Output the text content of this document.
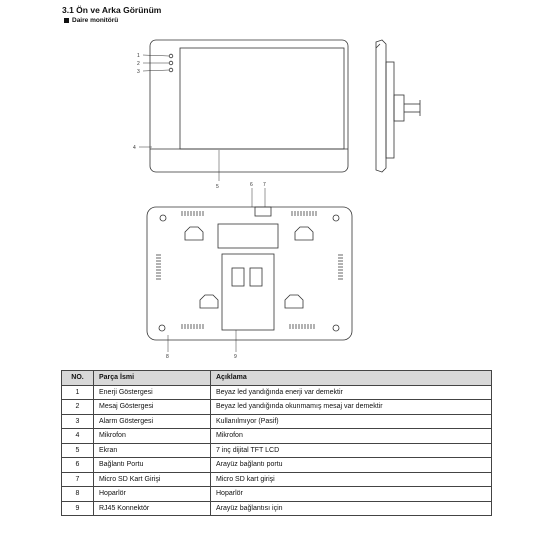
3.1 Ön ve Arka Görünüm
Daire monitörü
1
2
3
4
5	6 7
8	9
NO.	Parça İsmi	Açıklama
1	Enerji Göstergesi	Beyaz led yandığında enerji var demektir
2	Mesaj Göstergesi	Beyaz led yandığında okunmamış mesaj var demektir
3	Alarm Göstergesi	Kullanılmıyor (Pasif)
4	Mikrofon	Mikrofon
5	Ekran	7 inç dijital TFT LCD
6	Bağlantı Portu	Arayüz bağlantı portu
7	Micro SD Kart Girişi	Micro SD kart girişi
8	Hoparlör	Hoparlör
9	RJ45 Konnektör	Arayüz bağlantısı için
